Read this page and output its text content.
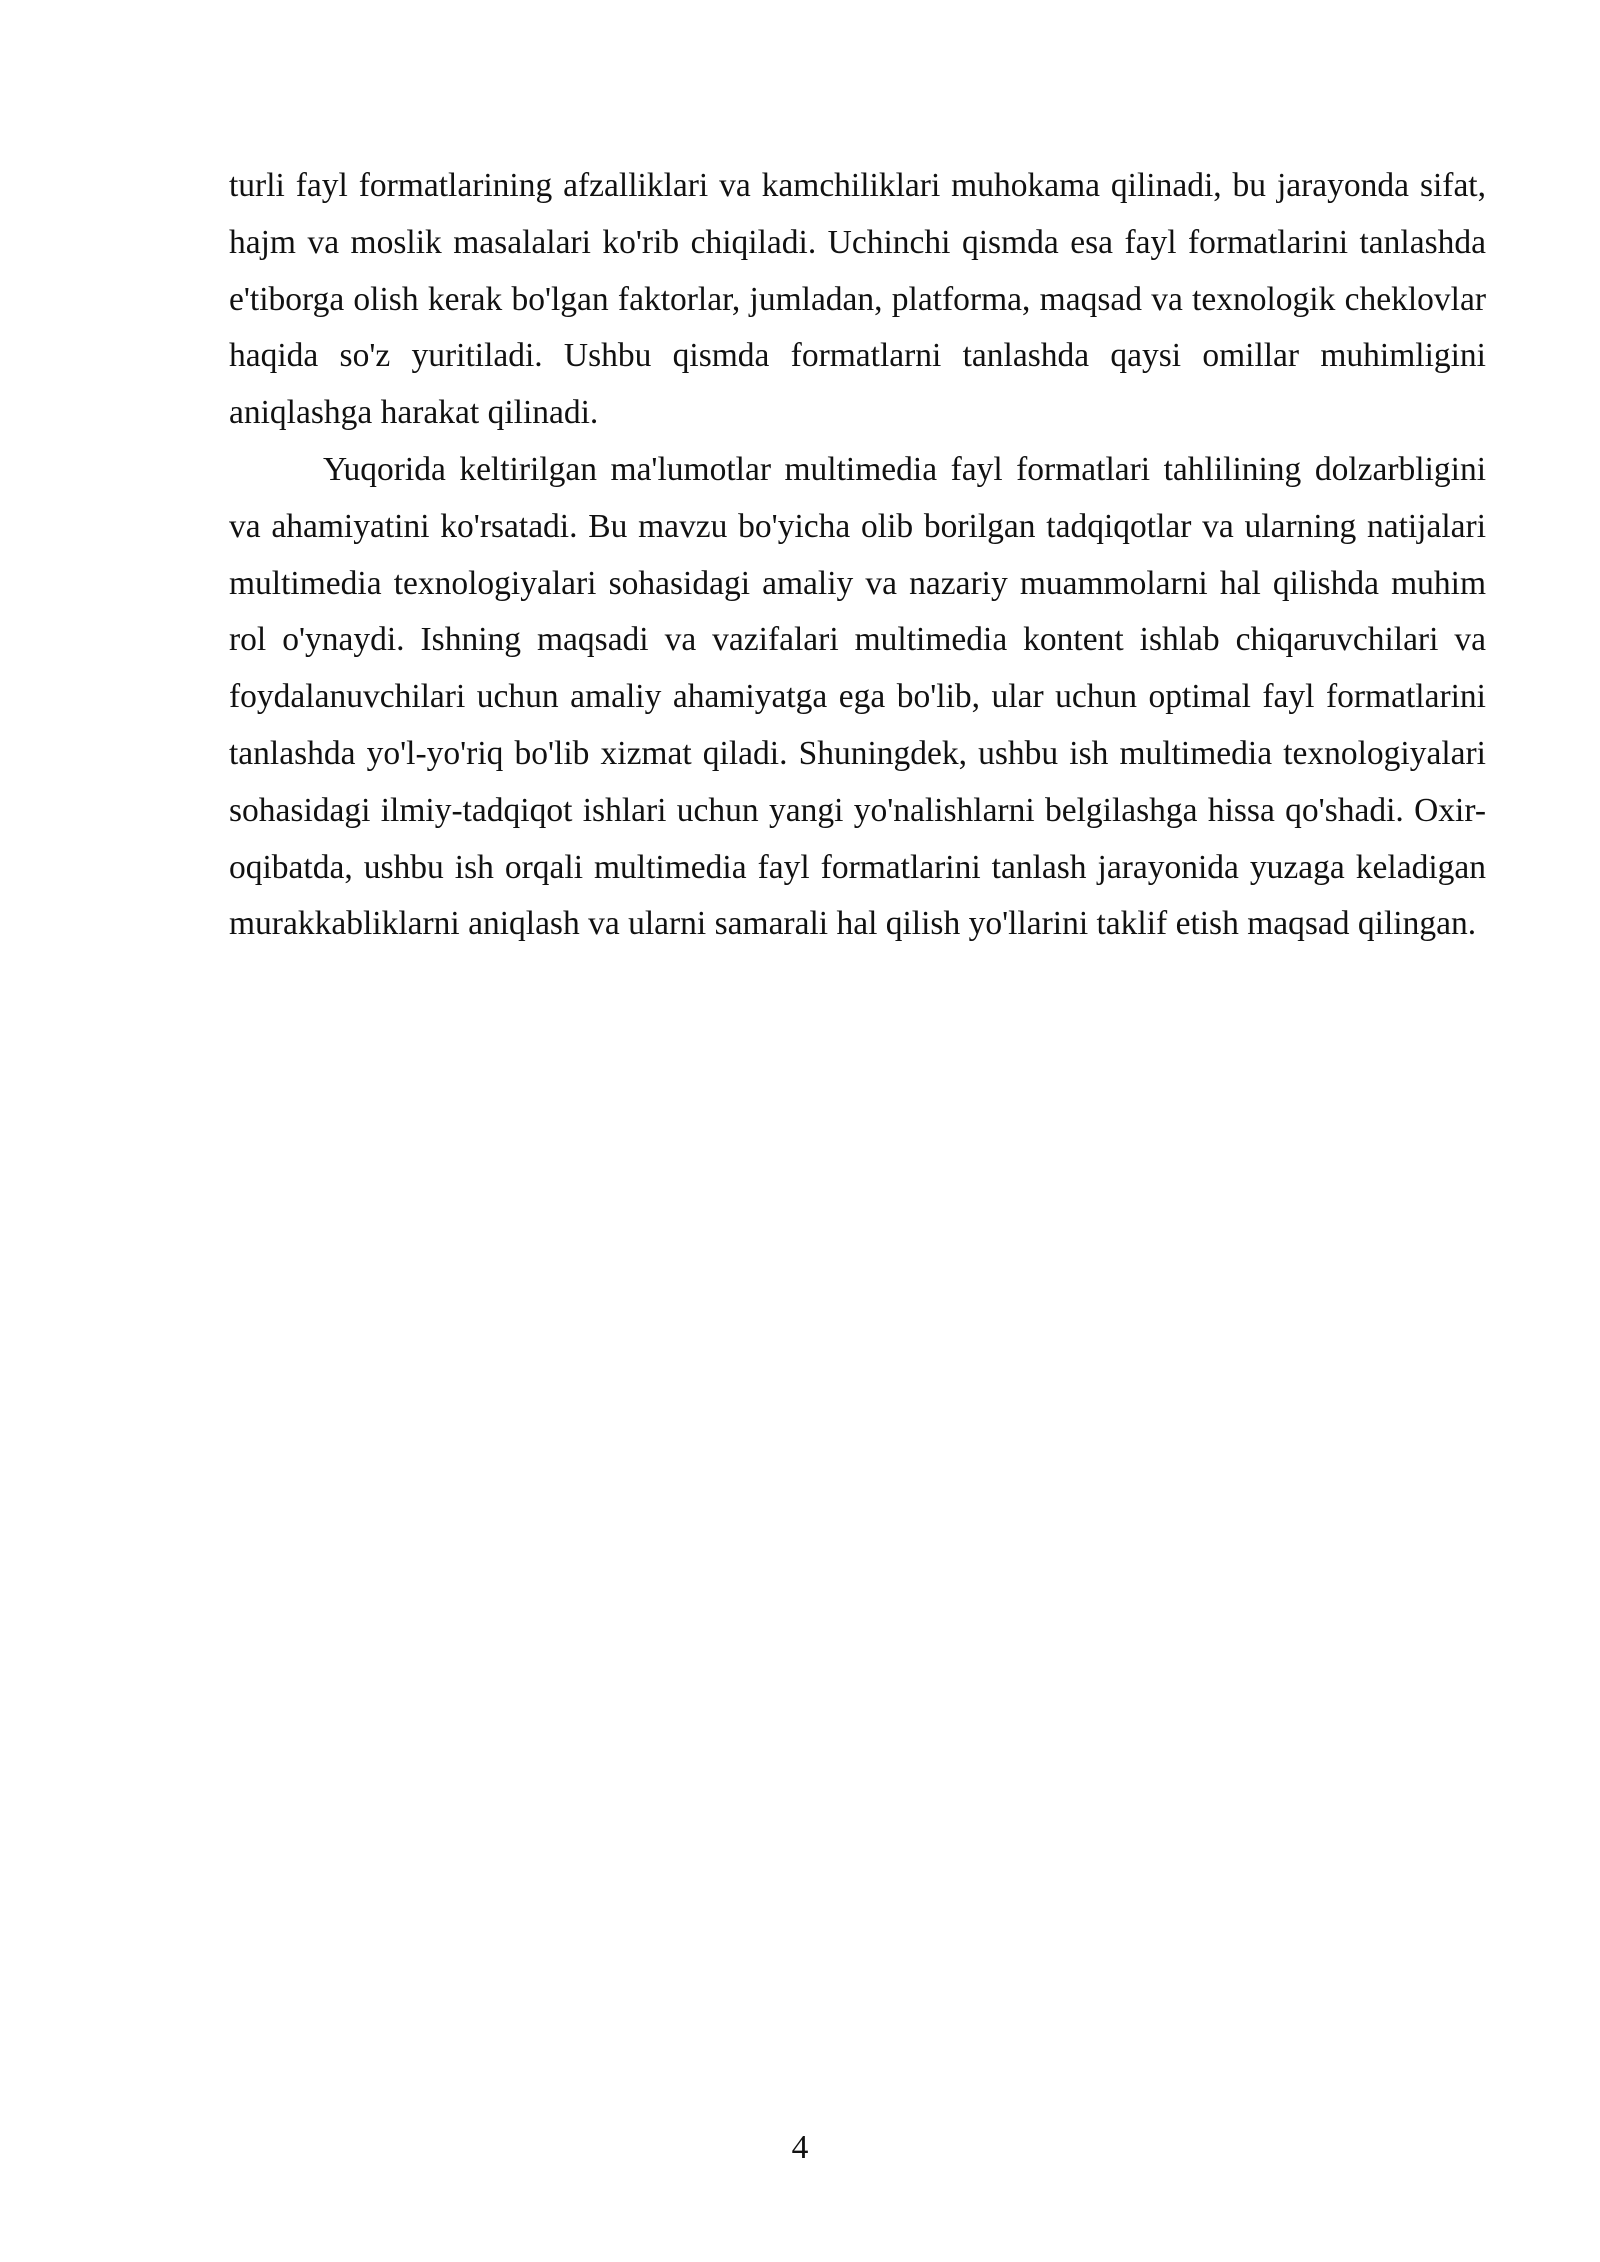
turli fayl formatlarining afzalliklari va kamchiliklari muhokama qilinadi, bu jarayonda sifat, hajm va moslik masalalari ko'rib chiqiladi. Uchinchi qismda esa fayl formatlarini tanlashda e'tiborga olish kerak bo'lgan faktorlar, jumladan, platforma, maqsad va texnologik cheklovlar haqida so'z yuritiladi. Ushbu qismda formatlarni tanlashda qaysi omillar muhimligini aniqlashga harakat qilinadi.

Yuqorida keltirilgan ma'lumotlar multimedia fayl formatlari tahlilining dolzarbligini va ahamiyatini ko'rsatadi. Bu mavzu bo'yicha olib borilgan tadqiqotlar va ularning natijalari multimedia texnologiyalari sohasidagi amaliy va nazariy muammolarni hal qilishda muhim rol o'ynaydi. Ishning maqsadi va vazifalari multimedia kontent ishlab chiqaruvchilari va foydalanuvchilari uchun amaliy ahamiyatga ega bo'lib, ular uchun optimal fayl formatlarini tanlashda yo'l-yo'riq bo'lib xizmat qiladi. Shuningdek, ushbu ish multimedia texnologiyalari sohasidagi ilmiy-tadqiqot ishlari uchun yangi yo'nalishlarni belgilashga hissa qo'shadi. Oxir-oqibatda, ushbu ish orqali multimedia fayl formatlarini tanlash jarayonida yuzaga keladigan murakkabliklarni aniqlash va ularni samarali hal qilish yo'llarini taklif etish maqsad qilingan.

4
